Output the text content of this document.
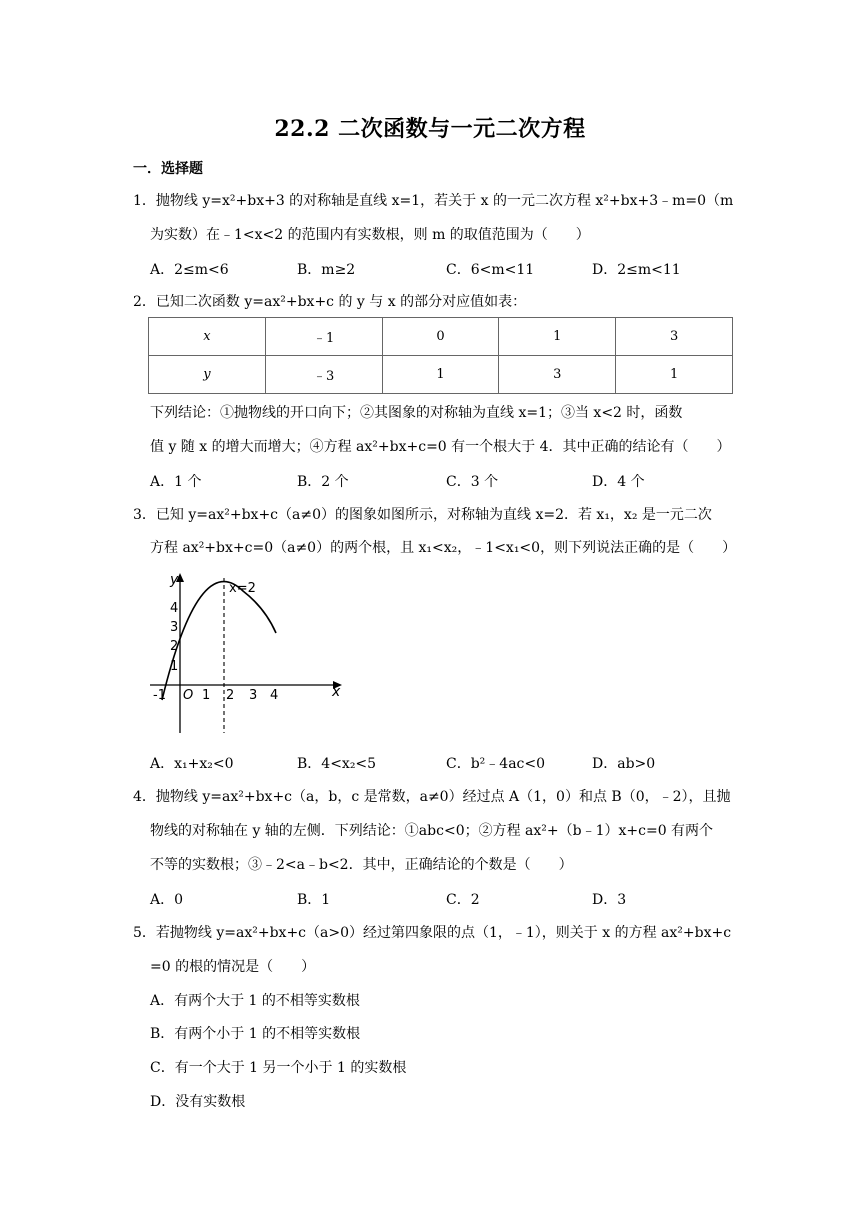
22.2 二次函数与一元二次方程
一．选择题
1．抛物线 y=x²+bx+3 的对称轴是直线 x=1，若关于 x 的一元二次方程 x²+bx+3﹣m=0（m
为实数）在﹣1<x<2 的范围内有实数根，则 m 的取值范围为（　　）
A．2≤m<6	B．m≥2	C．6<m<11	D．2≤m<11
2．已知二次函数 y=ax²+bx+c 的 y 与 x 的部分对应值如表：
x	﹣1	0	1	3
y	﹣3	1	3	1
下列结论：①抛物线的开口向下；②其图象的对称轴为直线 x=1；③当 x<2 时，函数
值 y 随 x 的增大而增大；④方程 ax²+bx+c=0 有一个根大于 4．其中正确的结论有（　　）
A．1 个	B．2 个	C．3 个	D．4 个
3．已知 y=ax²+bx+c（a≠0）的图象如图所示，对称轴为直线 x=2．若 x₁，x₂ 是一元二次
方程 ax²+bx+c=0（a≠0）的两个根，且 x₁<x₂，﹣1<x₁<0，则下列说法正确的是（　　）
y
x
x=2
O
-1	1 2 3 4
1
2
3
4
A．x₁+x₂<0	B．4<x₂<5	C．b²﹣4ac<0	D．ab>0
4．抛物线 y=ax²+bx+c（a，b，c 是常数，a≠0）经过点 A（1，0）和点 B（0，﹣2），且抛
物线的对称轴在 y 轴的左侧．下列结论：①abc<0；②方程 ax²+（b﹣1）x+c=0 有两个
不等的实数根；③﹣2<a﹣b<2．其中，正确结论的个数是（　　）
A．0	B．1	C．2	D．3
5．若抛物线 y=ax²+bx+c（a>0）经过第四象限的点（1，﹣1），则关于 x 的方程 ax²+bx+c
=0 的根的情况是（　　）
A．有两个大于 1 的不相等实数根
B．有两个小于 1 的不相等实数根
C．有一个大于 1 另一个小于 1 的实数根
D．没有实数根
